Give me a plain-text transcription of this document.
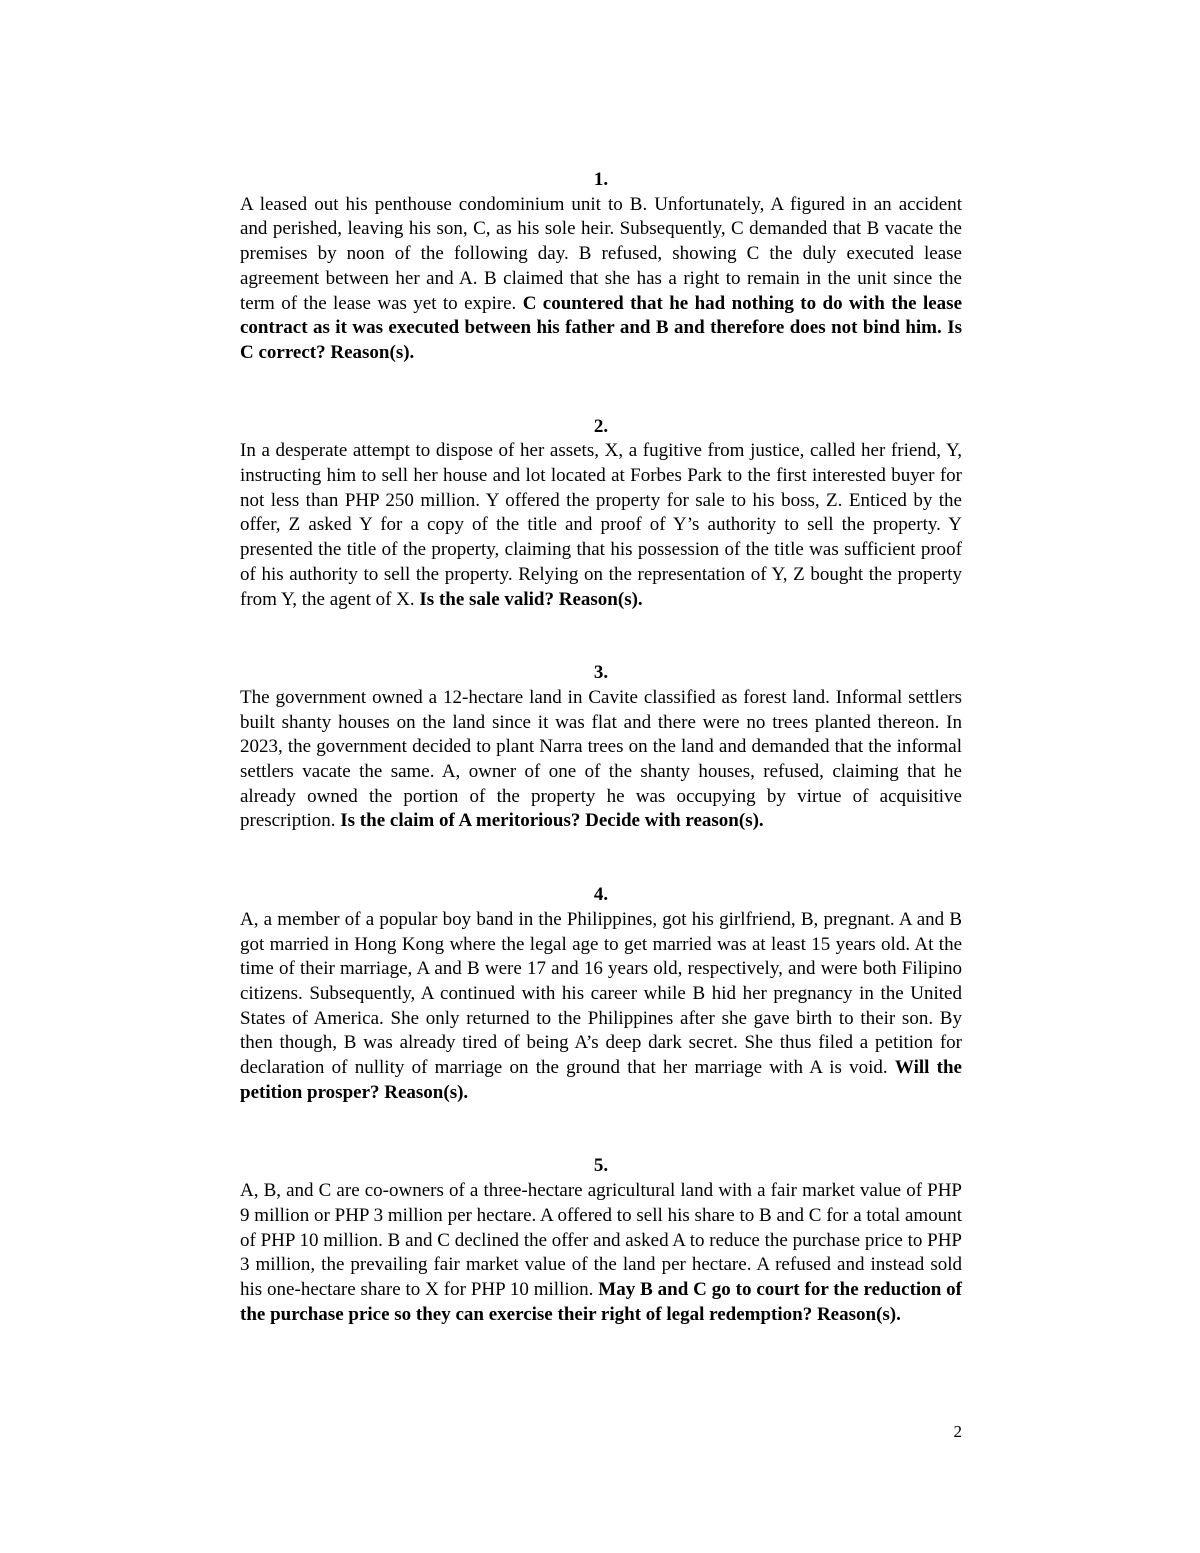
1.

A leased out his penthouse condominium unit to B. Unfortunately, A figured in an accident and perished, leaving his son, C, as his sole heir. Subsequently, C demanded that B vacate the premises by noon of the following day. B refused, showing C the duly executed lease agreement between her and A. B claimed that she has a right to remain in the unit since the term of the lease was yet to expire. C countered that he had nothing to do with the lease contract as it was executed between his father and B and therefore does not bind him. Is C correct? Reason(s).

2.

In a desperate attempt to dispose of her assets, X, a fugitive from justice, called her friend, Y, instructing him to sell her house and lot located at Forbes Park to the first interested buyer for not less than PHP 250 million. Y offered the property for sale to his boss, Z. Enticed by the offer, Z asked Y for a copy of the title and proof of Y’s authority to sell the property. Y presented the title of the property, claiming that his possession of the title was sufficient proof of his authority to sell the property. Relying on the representation of Y, Z bought the property from Y, the agent of X. Is the sale valid? Reason(s).

3.

The government owned a 12-hectare land in Cavite classified as forest land. Informal settlers built shanty houses on the land since it was flat and there were no trees planted thereon. In 2023, the government decided to plant Narra trees on the land and demanded that the informal settlers vacate the same. A, owner of one of the shanty houses, refused, claiming that he already owned the portion of the property he was occupying by virtue of acquisitive prescription. Is the claim of A meritorious? Decide with reason(s).

4.

A, a member of a popular boy band in the Philippines, got his girlfriend, B, pregnant. A and B got married in Hong Kong where the legal age to get married was at least 15 years old. At the time of their marriage, A and B were 17 and 16 years old, respectively, and were both Filipino citizens. Subsequently, A continued with his career while B hid her pregnancy in the United States of America. She only returned to the Philippines after she gave birth to their son. By then though, B was already tired of being A’s deep dark secret. She thus filed a petition for declaration of nullity of marriage on the ground that her marriage with A is void. Will the petition prosper? Reason(s).

5.

A, B, and C are co-owners of a three-hectare agricultural land with a fair market value of PHP 9 million or PHP 3 million per hectare. A offered to sell his share to B and C for a total amount of PHP 10 million. B and C declined the offer and asked A to reduce the purchase price to PHP 3 million, the prevailing fair market value of the land per hectare. A refused and instead sold his one-hectare share to X for PHP 10 million. May B and C go to court for the reduction of the purchase price so they can exercise their right of legal redemption? Reason(s).

2
